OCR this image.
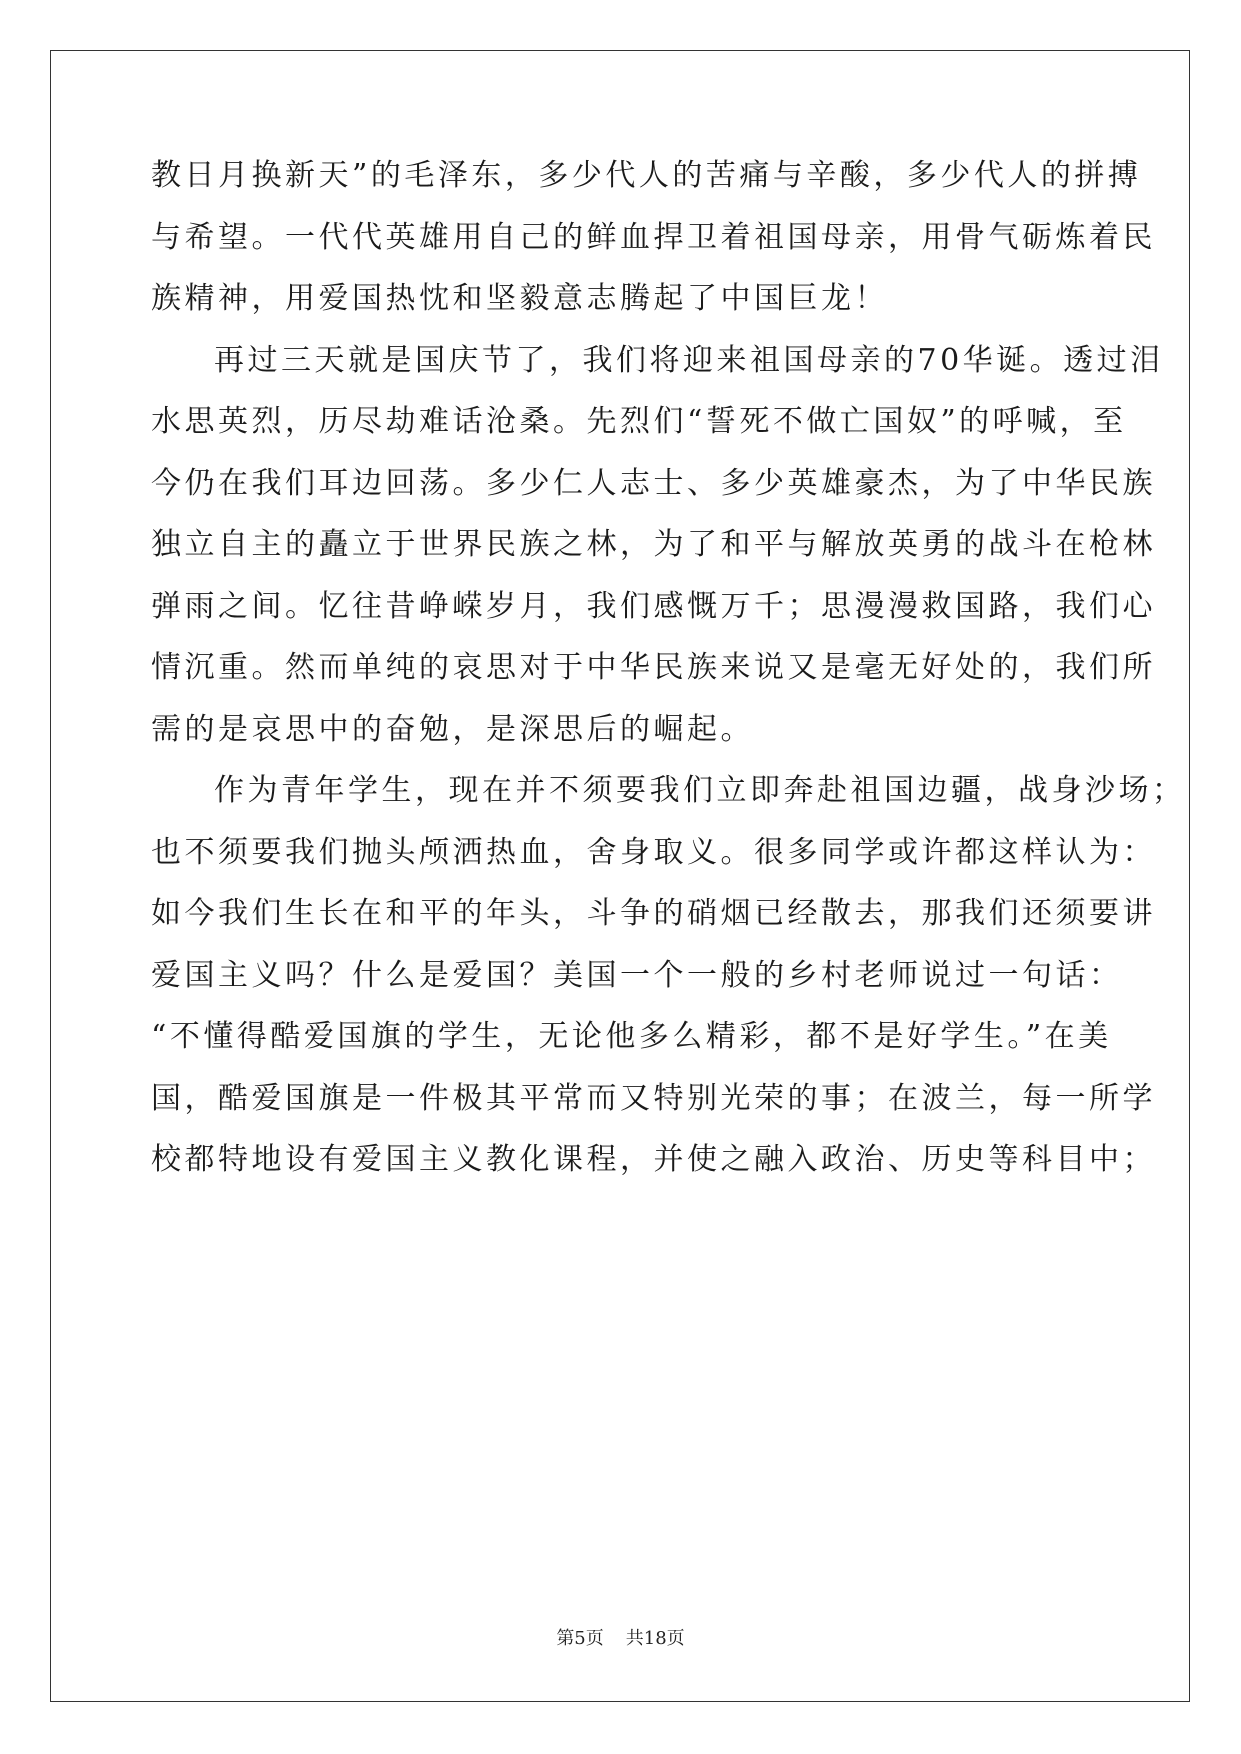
教日月换新天”的毛泽东，多少代人的苦痛与辛酸，多少代人的拼搏
与希望。一代代英雄用自己的鲜血捍卫着祖国母亲，用骨气砺炼着民
族精神，用爱国热忱和坚毅意志腾起了中国巨龙！
再过三天就是国庆节了，我们将迎来祖国母亲的70华诞。透过泪
水思英烈，历尽劫难话沧桑。先烈们“誓死不做亡国奴”的呼喊，至
今仍在我们耳边回荡。多少仁人志士、多少英雄豪杰，为了中华民族
独立自主的矗立于世界民族之林，为了和平与解放英勇的战斗在枪林
弹雨之间。忆往昔峥嵘岁月，我们感慨万千；思漫漫救国路，我们心
情沉重。然而单纯的哀思对于中华民族来说又是毫无好处的，我们所
需的是哀思中的奋勉，是深思后的崛起。
作为青年学生，现在并不须要我们立即奔赴祖国边疆，战身沙场；
也不须要我们抛头颅洒热血，舍身取义。很多同学或许都这样认为：
如今我们生长在和平的年头，斗争的硝烟已经散去，那我们还须要讲
爱国主义吗？什么是爱国？美国一个一般的乡村老师说过一句话：
“不懂得酷爱国旗的学生，无论他多么精彩，都不是好学生。”在美
国，酷爱国旗是一件极其平常而又特别光荣的事；在波兰，每一所学
校都特地设有爱国主义教化课程，并使之融入政治、历史等科目中；
第5页 共18页
